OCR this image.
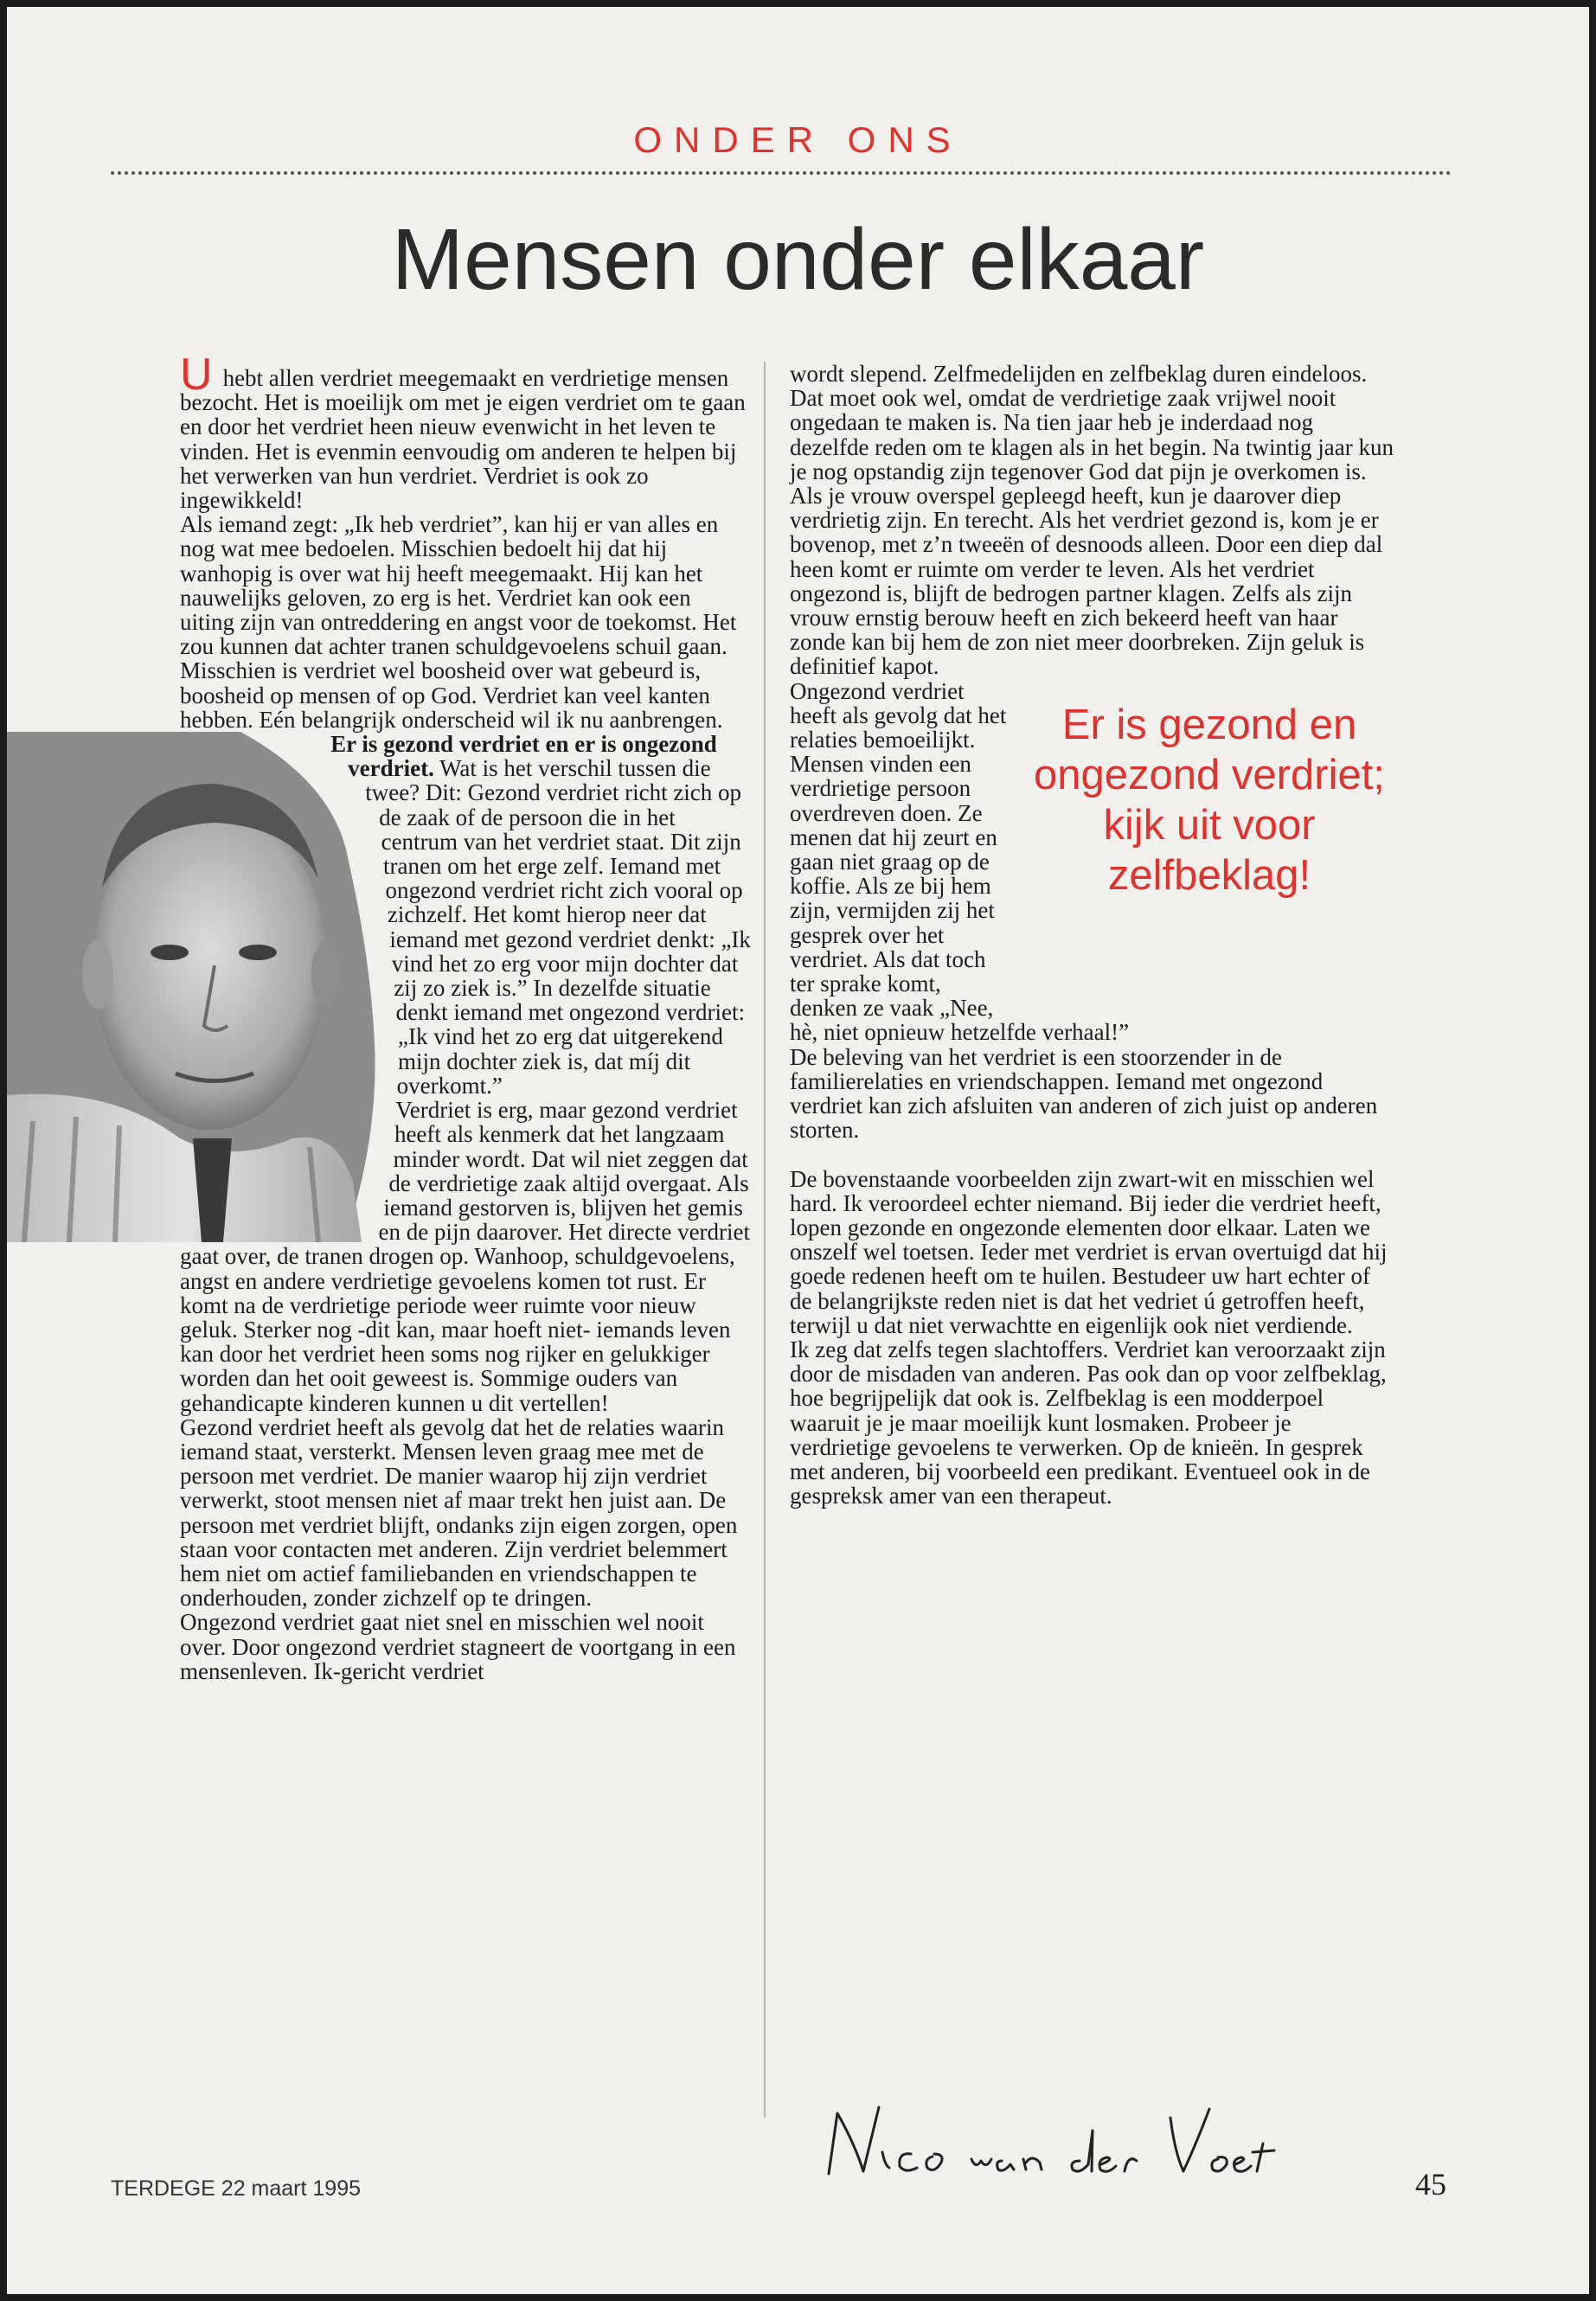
ONDER ONS
Mensen onder elkaar

Uhebt allen verdriet meegemaakt en verdrietige mensen bezocht. Het is moeilijk om met je eigen verdriet om te gaan en door het verdriet heen nieuw evenwicht in het leven te vinden. Het is evenmin eenvoudig om anderen te helpen bij het verwerken van hun verdriet. Verdriet is ook zo ingewikkeld!

Als iemand zegt: „Ik heb verdriet”, kan hij er van alles en nog wat mee bedoelen. Misschien bedoelt hij dat hij wanhopig is over wat hij heeft meegemaakt. Hij kan het nauwelijks geloven, zo erg is het. Verdriet kan ook een uiting zijn van ontreddering en angst voor de toekomst. Het zou kunnen dat achter tranen schuldgevoelens schuil gaan. Misschien is verdriet wel boosheid over wat gebeurd is, boosheid op mensen of op God. Verdriet kan veel kanten hebben. Eén belangrijk onderscheid wil ik nu aanbrengen.

Er is gezond verdriet en er is ongezond verdriet. Wat is het verschil tussen die twee? Dit: Gezond verdriet richt zich op de zaak of de persoon die in het centrum van het verdriet staat. Dit zijn tranen om het erge zelf. Iemand met ongezond verdriet richt zich vooral op zichzelf. Het komt hierop neer dat iemand met gezond verdriet denkt: „Ik vind het zo erg voor mijn dochter dat zij zo ziek is.” In dezelfde situatie denkt iemand met ongezond verdriet: „Ik vind het zo erg dat uitgerekend mijn dochter ziek is, dat míj dit overkomt.”

Verdriet is erg, maar gezond verdriet heeft als kenmerk dat het langzaam minder wordt. Dat wil niet zeggen dat de verdrietige zaak altijd overgaat. Als iemand gestorven is, blijven het gemis en de pijn daarover. Het directe verdriet gaat over, de tranen drogen op. Wanhoop, schuldgevoelens, angst en andere verdrietige gevoelens komen tot rust. Er komt na de verdrietige periode weer ruimte voor nieuw geluk. Sterker nog -dit kan, maar hoeft niet- iemands leven kan door het verdriet heen soms nog rijker en gelukkiger worden dan het ooit geweest is. Sommige ouders van gehandicapte kinderen kunnen u dit vertellen!

Gezond verdriet heeft als gevolg dat het de relaties waarin iemand staat, versterkt. Mensen leven graag mee met de persoon met verdriet. De manier waarop hij zijn verdriet verwerkt, stoot mensen niet af maar trekt hen juist aan. De persoon met verdriet blijft, ondanks zijn eigen zorgen, open staan voor contacten met anderen. Zijn verdriet belemmert hem niet om actief familiebanden en vriendschappen te onderhouden, zonder zichzelf op te dringen.

Ongezond verdriet gaat niet snel en misschien wel nooit over. Door ongezond verdriet stagneert de voortgang in een mensenleven. Ik-gericht verdriet

wordt slepend. Zelfmedelijden en zelfbeklag duren eindeloos. Dat moet ook wel, omdat de verdrietige zaak vrijwel nooit ongedaan te maken is. Na tien jaar heb je inderdaad nog dezelfde reden om te klagen als in het begin. Na twintig jaar kun je nog opstandig zijn tegenover God dat pijn je overkomen is. Als je vrouw overspel gepleegd heeft, kun je daarover diep verdrietig zijn. En terecht. Als het verdriet gezond is, kom je er bovenop, met z’n tweeën of desnoods alleen. Door een diep dal heen komt er ruimte om verder te leven. Als het verdriet ongezond is, blijft de bedrogen partner klagen. Zelfs als zijn vrouw ernstig berouw heeft en zich bekeerd heeft van haar zonde kan bij hem de zon niet meer doorbreken. Zijn geluk is definitief kapot.

Er is gezond en ongezond verdriet; kijk uit voor zelfbeklag!

Ongezond verdriet heeft als gevolg dat het relaties bemoeilijkt. Mensen vinden een verdrietige persoon overdreven doen. Ze menen dat hij zeurt en gaan niet graag op de koffie. Als ze bij hem zijn, vermijden zij het gesprek over het verdriet. Als dat toch ter sprake komt, denken ze vaak „Nee, hè, niet opnieuw hetzelfde verhaal!”

De beleving van het verdriet is een stoorzender in de familierelaties en vriendschappen. Iemand met ongezond verdriet kan zich afsluiten van anderen of zich juist op anderen storten.

De bovenstaande voorbeelden zijn zwart-wit en misschien wel hard. Ik veroordeel echter niemand. Bij ieder die verdriet heeft, lopen gezonde en ongezonde elementen door elkaar. Laten we onszelf wel toetsen. Ieder met verdriet is ervan overtuigd dat hij goede redenen heeft om te huilen. Bestudeer uw hart echter of de belangrijkste reden niet is dat het vedriet ú getroffen heeft, terwijl u dat niet verwachtte en eigenlijk ook niet verdiende.

Ik zeg dat zelfs tegen slachtoffers. Verdriet kan veroorzaakt zijn door de misdaden van anderen. Pas ook dan op voor zelfbeklag, hoe begrijpelijk dat ook is. Zelfbeklag is een modderpoel waaruit je je maar moeilijk kunt losmaken. Probeer je verdrietige gevoelens te verwerken. Op de knieën. In gesprek met anderen, bij voorbeeld een predikant. Eventueel ook in de gespreksk amer van een therapeut.

TERDEGE 22 maart 1995	45
